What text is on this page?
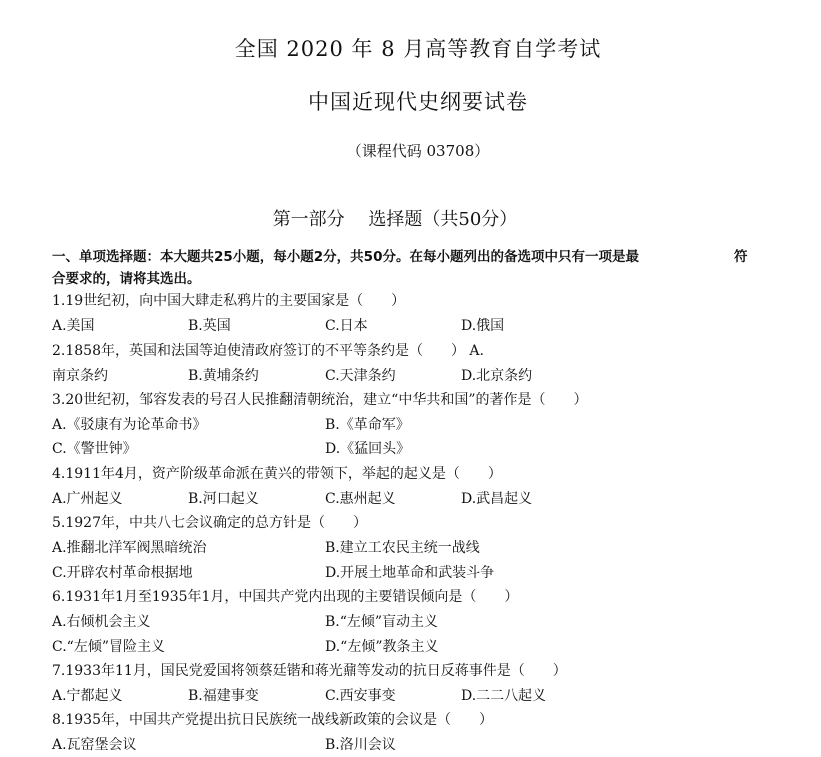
全国 2020 年 8 月高等教育自学考试
中国近现代史纲要试卷
（课程代码 03708）
第一部分　 选择题（共50分）
一、单项选择题：本大题共25小题，每小题2分，共50分。在每小题列出的备选项中只有一项是最	符
合要求的，请将其选出。
1.19世纪初，向中国大肆走私鸦片的主要国家是（　　）
A.美国	B.英国	C.日本	D.俄国
2.1858年，英国和法国等迫使清政府签订的不平等条约是（　　） A.
南京条约	B.黄埔条约	C.天津条约	D.北京条约
3.20世纪初，邹容发表的号召人民推翻清朝统治，建立“中华共和国”的著作是（　　）
A.《驳康有为论革命书》	B.《革命军》
C.《警世钟》	D.《猛回头》
4.1911年4月，资产阶级革命派在黄兴的带领下，举起的起义是（　　）
A.广州起义	B.河口起义	C.惠州起义	D.武昌起义
5.1927年，中共八七会议确定的总方针是（　　）
A.推翻北洋军阀黑暗统治	B.建立工农民主统一战线
C.开辟农村革命根据地	D.开展土地革命和武装斗争
6.1931年1月至1935年1月，中国共产党内出现的主要错误倾向是（　　）
A.右倾机会主义	B.“左倾”盲动主义
C.“左倾”冒险主义	D.“左倾”教条主义
7.1933年11月，国民党爱国将领蔡廷锴和蒋光鼐等发动的抗日反蒋事件是（　　）
A.宁都起义	B.福建事变	C.西安事变	D.二二八起义
8.1935年，中国共产党提出抗日民族统一战线新政策的会议是（　　）
A.瓦窑堡会议	B.洛川会议
